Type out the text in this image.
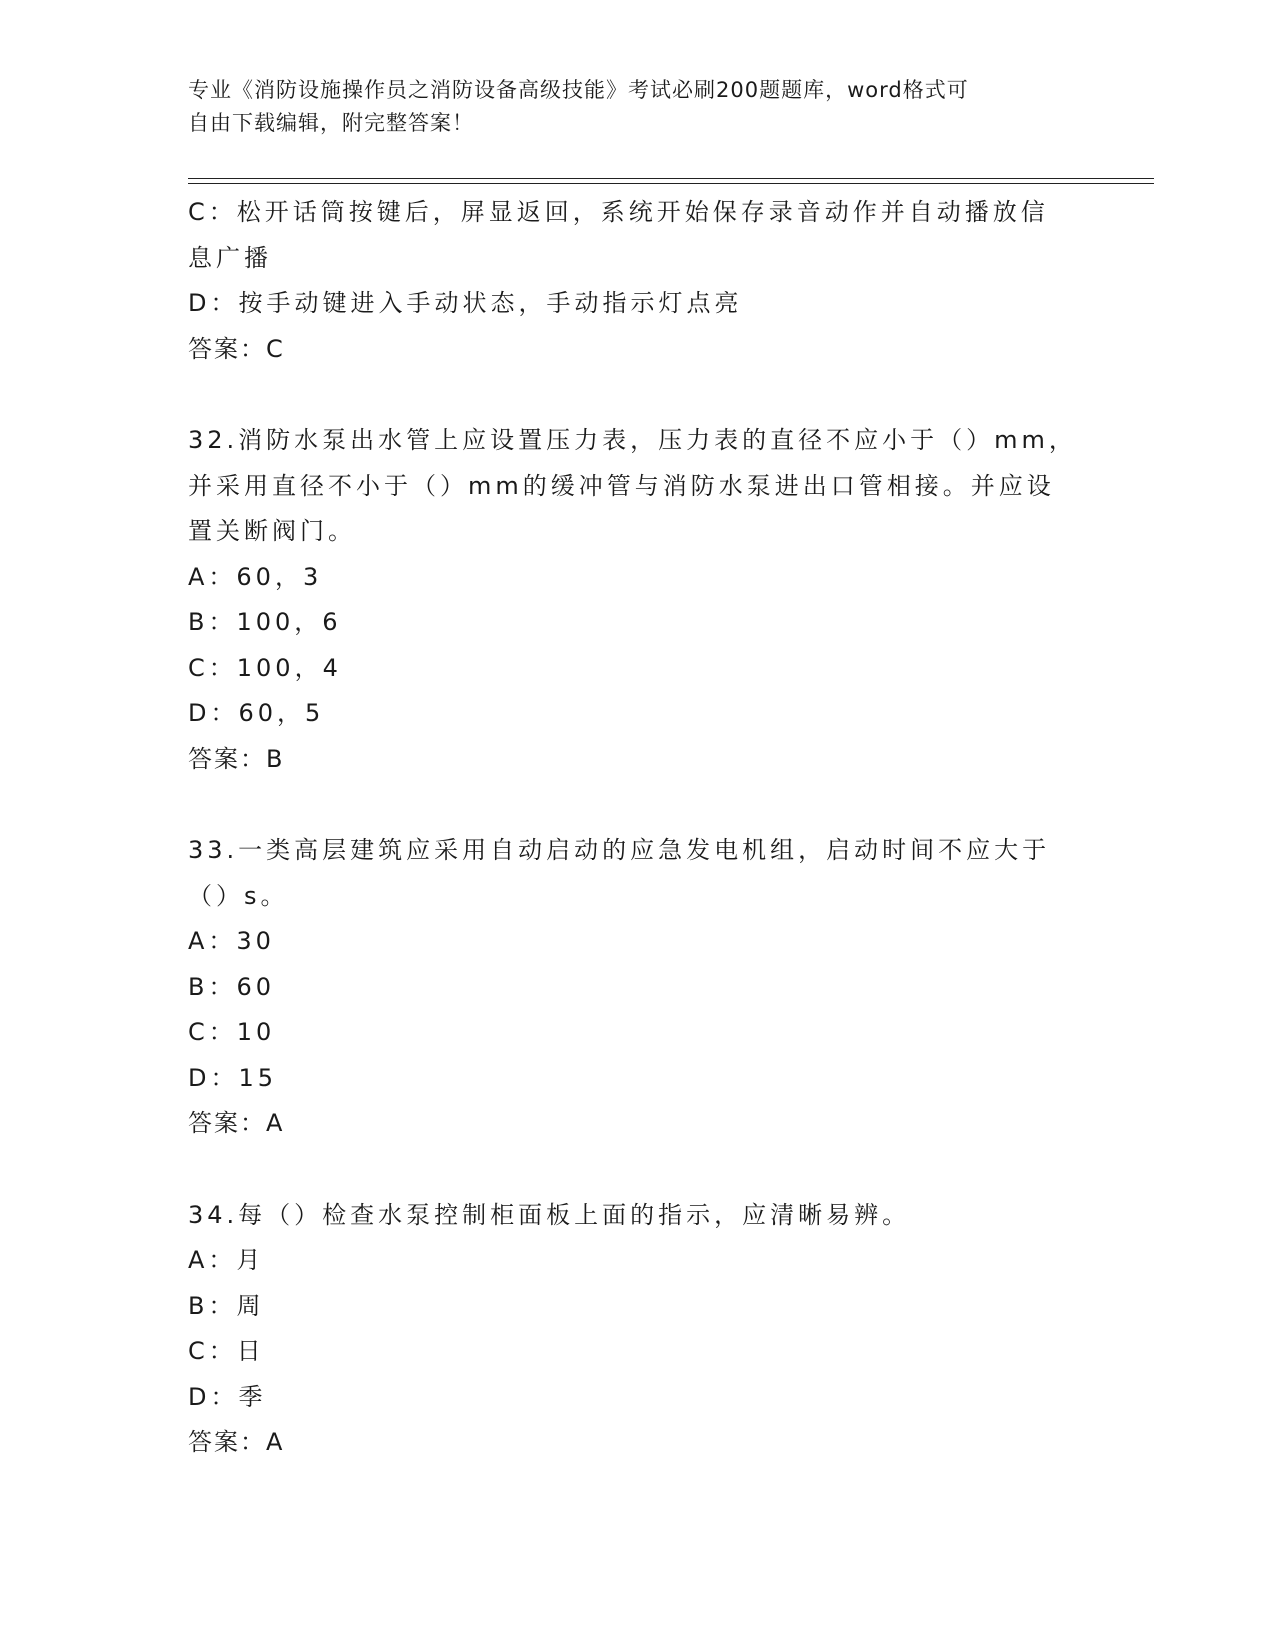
专业《消防设施操作员之消防设备高级技能》考试必刷200题题库，word格式可
自由下载编辑，附完整答案！
C：松开话筒按键后，屏显返回，系统开始保存录音动作并自动播放信
息广播
D：按手动键进入手动状态，手动指示灯点亮
答案：C
32.消防水泵出水管上应设置压力表，压力表的直径不应小于（）mm，
并采用直径不小于（）mm的缓冲管与消防水泵进出口管相接。并应设
置关断阀门。
A：60，3
B：100，6
C：100，4
D：60，5
答案：B
33.一类高层建筑应采用自动启动的应急发电机组，启动时间不应大于
（）s。
A：30
B：60
C：10
D：15
答案：A
34.每（）检查水泵控制柜面板上面的指示，应清晰易辨。
A：月
B：周
C：日
D：季
答案：A
